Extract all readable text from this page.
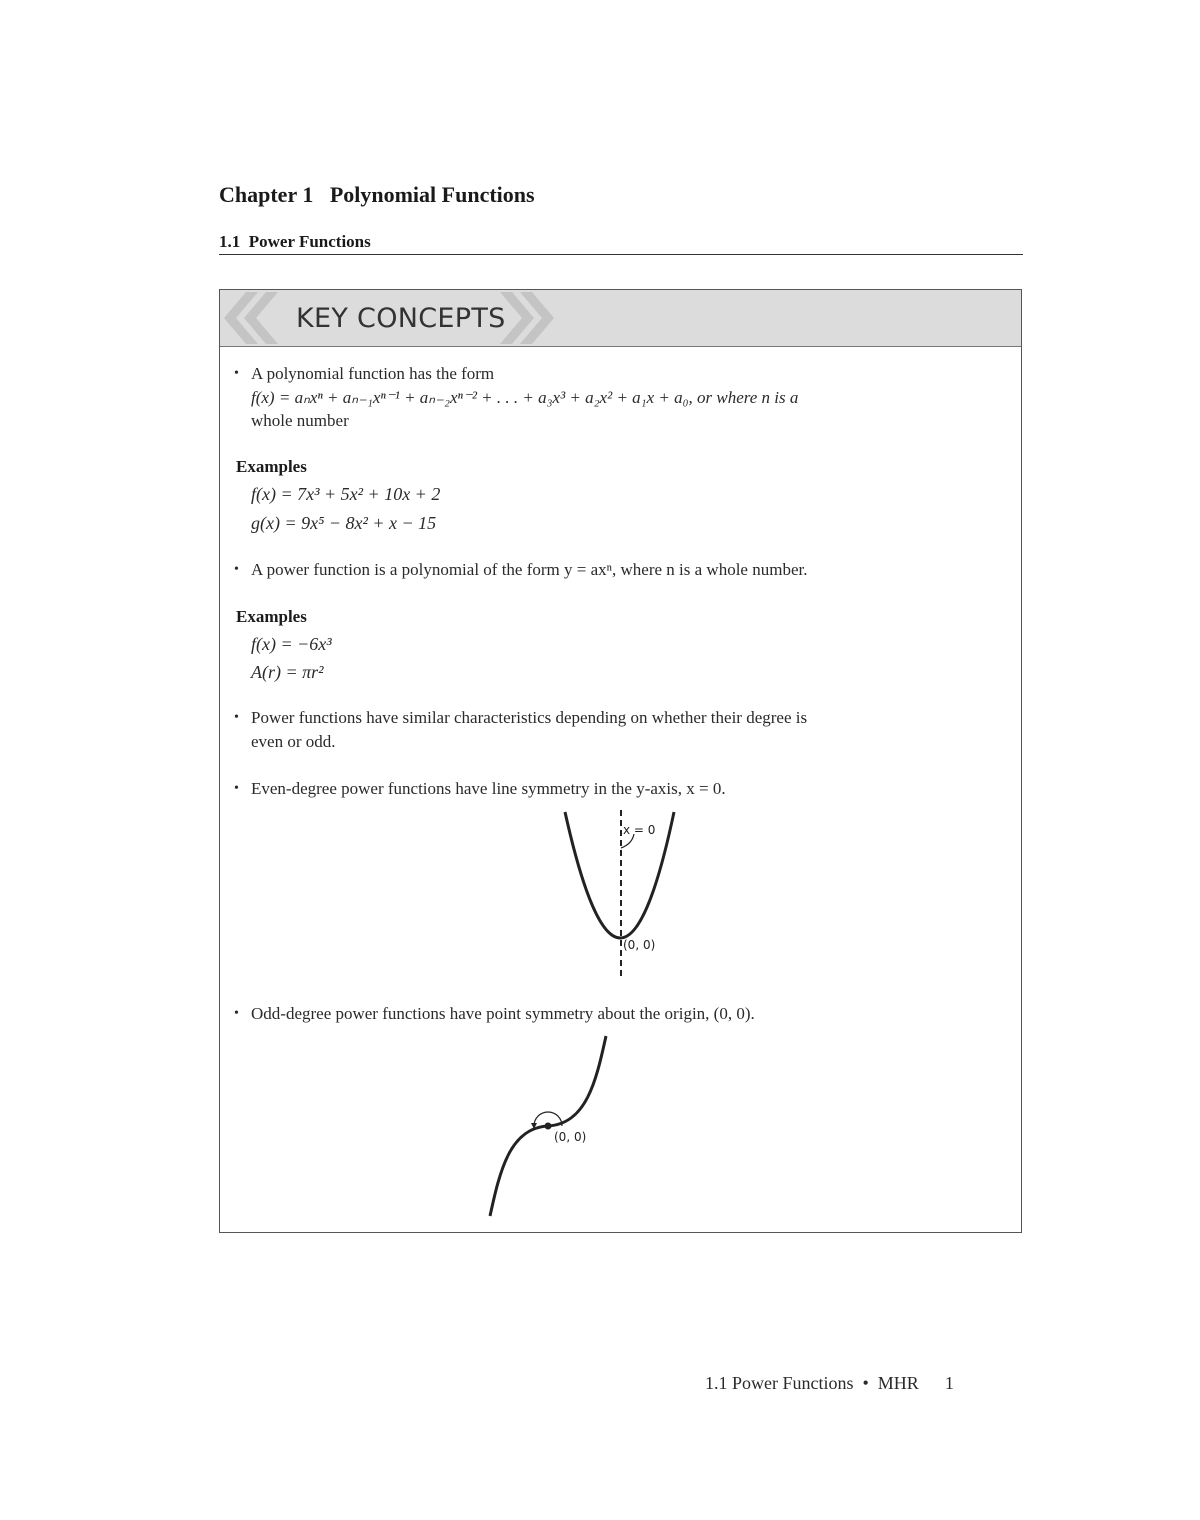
Chapter 1   Polynomial Functions
1.1  Power Functions
KEY CONCEPTS
• A polynomial function has the form
f(x) = aₙxⁿ + aₙ₋₁xⁿ⁻¹ + aₙ₋₂xⁿ⁻² + . . . + a₃x³ + a₂x² + a₁x + a₀, or where n is a
whole number
Examples
f(x) = 7x³ + 5x² + 10x + 2
g(x) = 9x⁵ − 8x² + x − 15
• A power function is a polynomial of the form y = axⁿ, where n is a whole number.
Examples
f(x) = −6x³
A(r) = πr²
• Power functions have similar characteristics depending on whether their degree is
even or odd.
• Even-degree power functions have line symmetry in the y-axis, x = 0.
x = 0
(0, 0)
• Odd-degree power functions have point symmetry about the origin, (0, 0).
(0, 0)
1.1 Power Functions  •  MHR 1
